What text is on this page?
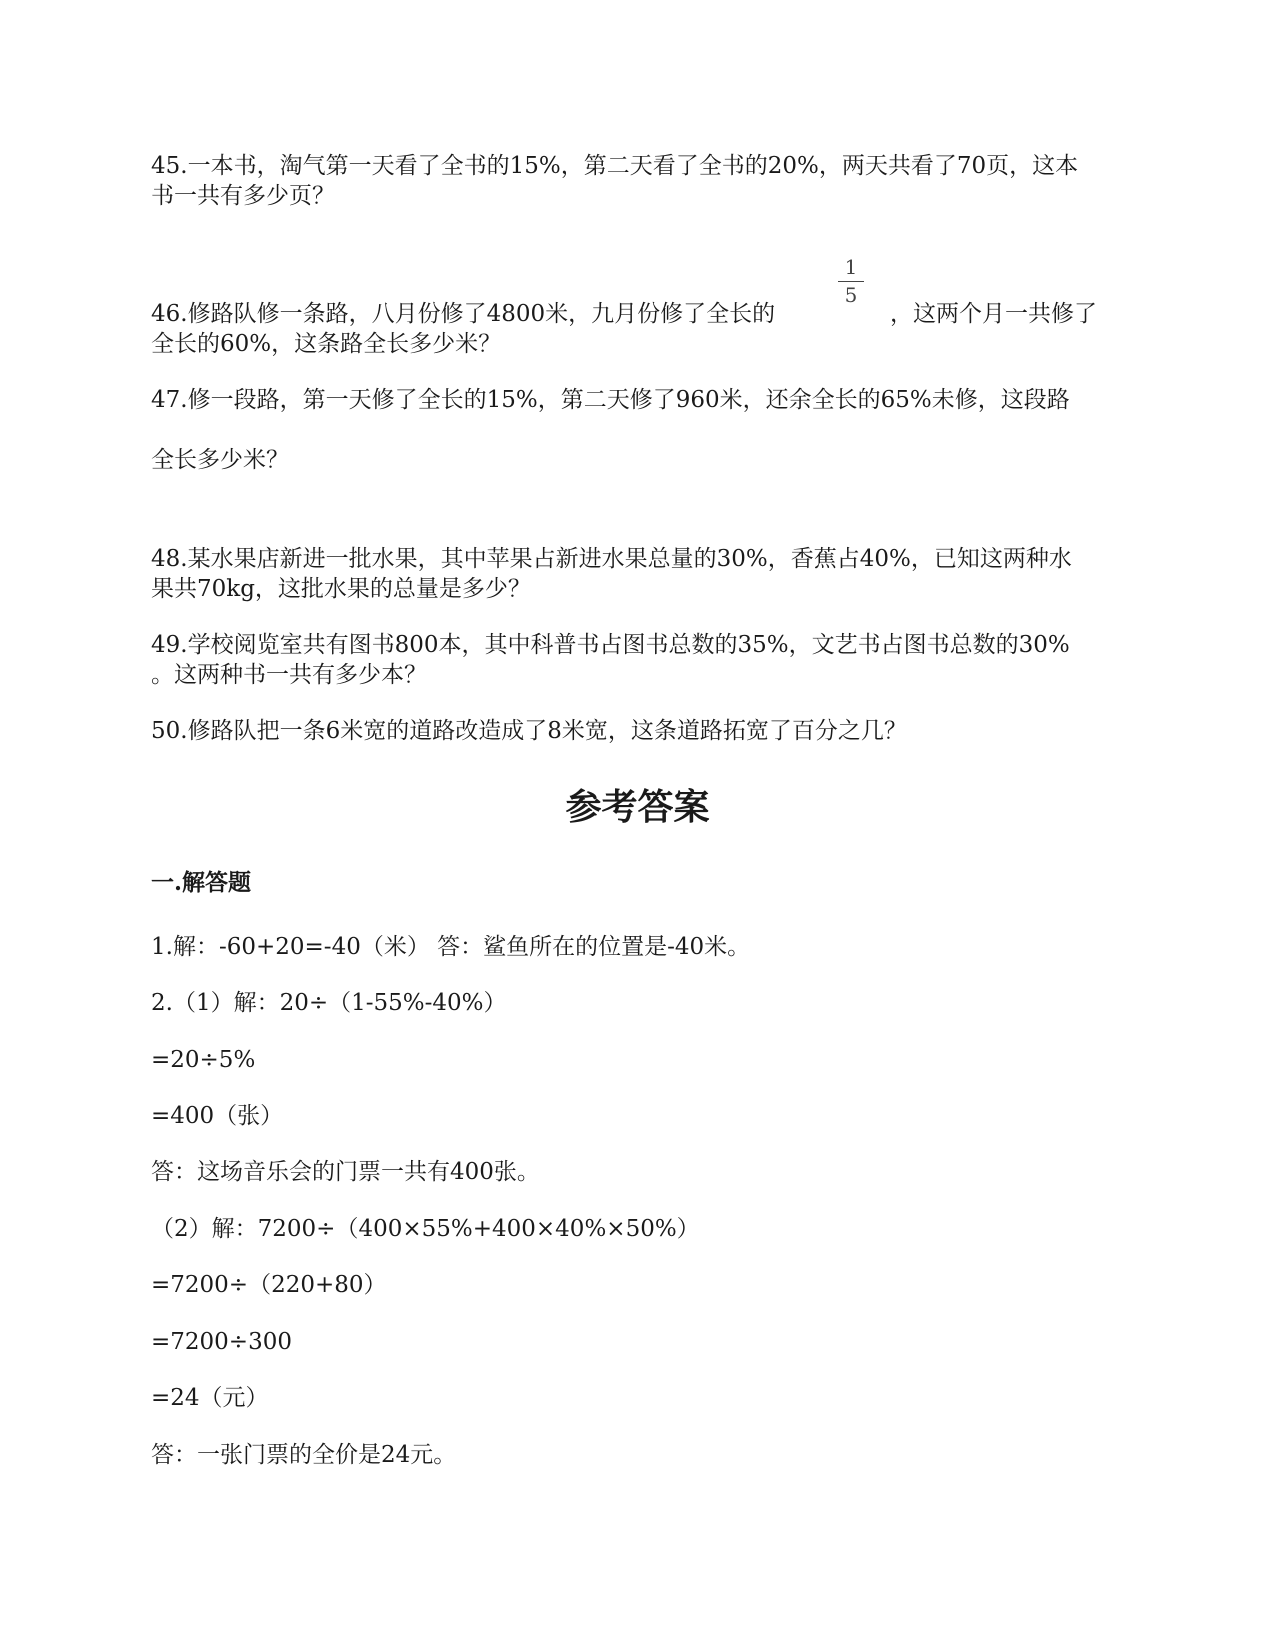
45.一本书，淘气第一天看了全书的15%，第二天看了全书的20%，两天共看了70页，这本
书一共有多少页？
1
5
46.修路队修一条路，八月份修了4800米，九月份修了全长的	，这两个月一共修了
全长的60%，这条路全长多少米？
47.修一段路，第一天修了全长的15%，第二天修了960米，还余全长的65%未修，这段路
全长多少米？
48.某水果店新进一批水果，其中苹果占新进水果总量的30%，香蕉占40%，已知这两种水
果共70kg，这批水果的总量是多少？
49.学校阅览室共有图书800本，其中科普书占图书总数的35%，文艺书占图书总数的30%
。这两种书一共有多少本？
50.修路队把一条6米宽的道路改造成了8米宽，这条道路拓宽了百分之几？
参考答案
一.解答题
1.解：-60+20=-40（米） 答：鲨鱼所在的位置是-40米。
2.（1）解：20÷（1-55%-40%）
=20÷5%
=400（张）
答：这场音乐会的门票一共有400张。
（2）解：7200÷（400×55%+400×40%×50%）
=7200÷（220+80）
=7200÷300
=24（元）
答：一张门票的全价是24元。
